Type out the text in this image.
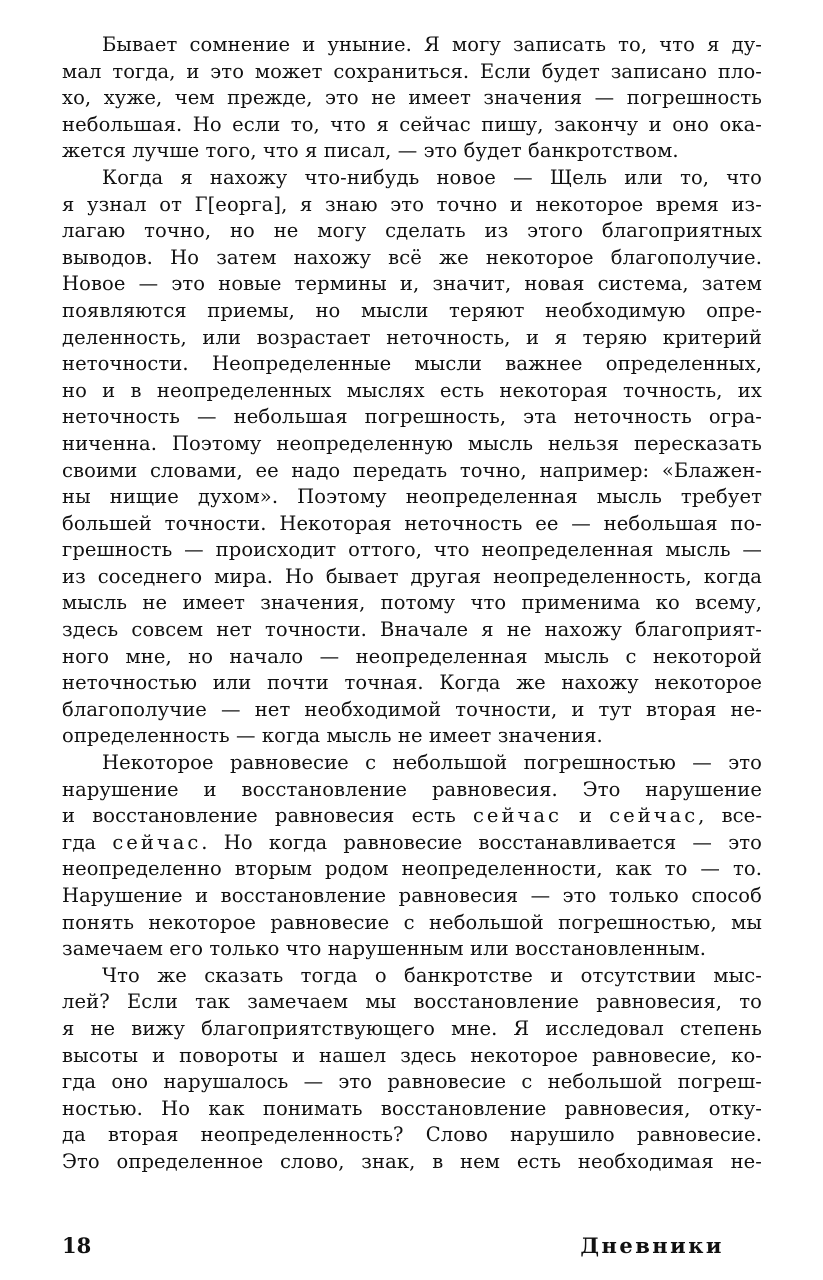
Бывает сомнение и уныние. Я могу записать то, что я ду-
мал тогда, и это может сохраниться. Если будет записано пло-
хо, хуже, чем прежде, это не имеет значения — погрешность
небольшая. Но если то, что я сейчас пишу, закончу и оно ока-
жется лучше того, что я писал, — это будет банкротством.
Когда я нахожу что-нибудь новое — Щель или то, что
я узнал от Г[еорга], я знаю это точно и некоторое время из-
лагаю точно, но не могу сделать из этого благоприятных
выводов. Но затем нахожу всё же некоторое благополучие.
Новое — это новые термины и, значит, новая система, затем
появляются приемы, но мысли теряют необходимую опре-
деленность, или возрастает неточность, и я теряю критерий
неточности. Неопределенные мысли важнее определенных,
но и в неопределенных мыслях есть некоторая точность, их
неточность — небольшая погрешность, эта неточность огра-
ниченна. Поэтому неопределенную мысль нельзя пересказать
своими словами, ее надо передать точно, например: «Блажен-
ны нищие духом». Поэтому неопределенная мысль требует
большей точности. Некоторая неточность ее — небольшая по-
грешность — происходит оттого, что неопределенная мысль —
из соседнего мира. Но бывает другая неопределенность, когда
мысль не имеет значения, потому что применима ко всему,
здесь совсем нет точности. Вначале я не нахожу благоприят-
ного мне, но начало — неопределенная мысль с некоторой
неточностью или почти точная. Когда же нахожу некоторое
благополучие — нет необходимой точности, и тут вторая не-
определенность — когда мысль не имеет значения.
Некоторое равновесие с небольшой погрешностью — это
нарушение и восстановление равновесия. Это нарушение
и восстановление равновесия есть сейчас и сейчас, все-
гда сейчас. Но когда равновесие восстанавливается — это
неопределенно вторым родом неопределенности, как то — то.
Нарушение и восстановление равновесия — это только способ
понять некоторое равновесие с небольшой погрешностью, мы
замечаем его только что нарушенным или восстановленным.
Что же сказать тогда о банкротстве и отсутствии мыс-
лей? Если так замечаем мы восстановление равновесия, то
я не вижу благоприятствующего мне. Я исследовал степень
высоты и повороты и нашел здесь некоторое равновесие, ко-
гда оно нарушалось — это равновесие с небольшой погреш-
ностью. Но как понимать восстановление равновесия, отку-
да вторая неопределенность? Слово нарушило равновесие.
Это определенное слово, знак, в нем есть необходимая не-
18	Дневники
